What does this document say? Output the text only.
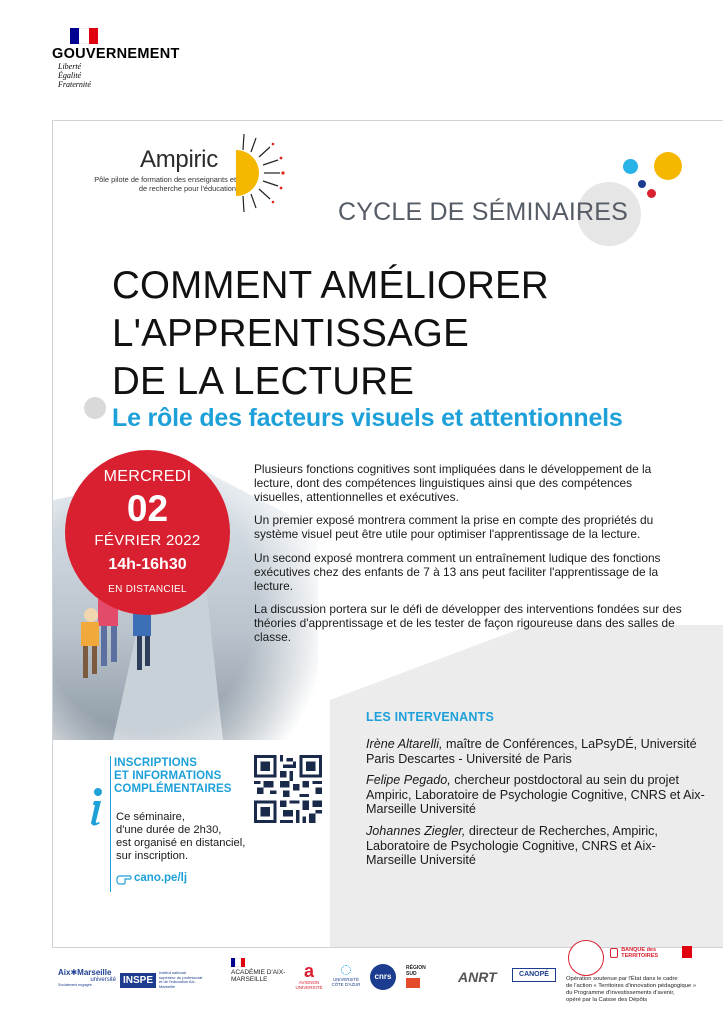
GOUVERNEMENT
Liberté
Égalité
Fraternité
Ampiric
Pôle pilote de formation des enseignants et de recherche pour l'éducation
CYCLE DE SÉMINAIRES
COMMENT AMÉLIORER
L'APPRENTISSAGE
DE LA LECTURE
Le rôle des facteurs visuels et attentionnels
MERCREDI
02
FÉVRIER 2022
14h-16h30
EN DISTANCIEL

Plusieurs fonctions cognitives sont impliquées dans le développement de la lecture, dont des compétences linguistiques ainsi que des compétences visuelles, attentionnelles et exécutives.

Un premier exposé montrera comment la prise en compte des propriétés du système visuel peut être utile pour optimiser l'apprentissage de la lecture.

Un second exposé montrera comment un entraînement ludique des fonctions exécutives chez des enfants de 7 à 13 ans peut faciliter l'apprentissage de la lecture.

La discussion portera sur le défi de développer des interventions fondées sur des théories d'apprentissage et de les tester de façon rigoureuse dans des salles de classe.

LES INTERVENANTS
Irène Altarelli, maître de Conférences, LaPsyDÉ, Université Paris Descartes - Université de Paris
Felipe Pegado, chercheur postdoctoral au sein du projet Ampiric, Laboratoire de Psychologie Cognitive, CNRS et Aix-Marseille Université
Johannes Ziegler, directeur de Recherches, Ampiric, Laboratoire de Psychologie Cognitive, CNRS et Aix-Marseille Université
INSCRIPTIONS
ET INFORMATIONS
COMPLÉMENTAIRES
Ce séminaire,
d'une durée de 2h30,
est organisé en distanciel,
sur inscription.
cano.pe/lj
Aix✱Marseille
université
Socialement engagée	INSPE
Institut national supérieur du professorat et de l'éducation Aix-Marseille
ACADÉMIE D'AIX-MARSEILLE	a
AVIGNON UNIVERSITÉ
UNIVERSITÉ CÔTE D'AZUR
cnrs
RÉGION SUD	ANRT	CANOPÉ
BANQUE des TERRITOIRES
Opération soutenue par l'État dans le cadre
de l'action « Territoires d'innovation pédagogique »
du Programme d'investissements d'avenir,
opéré par la Caisse des Dépôts
